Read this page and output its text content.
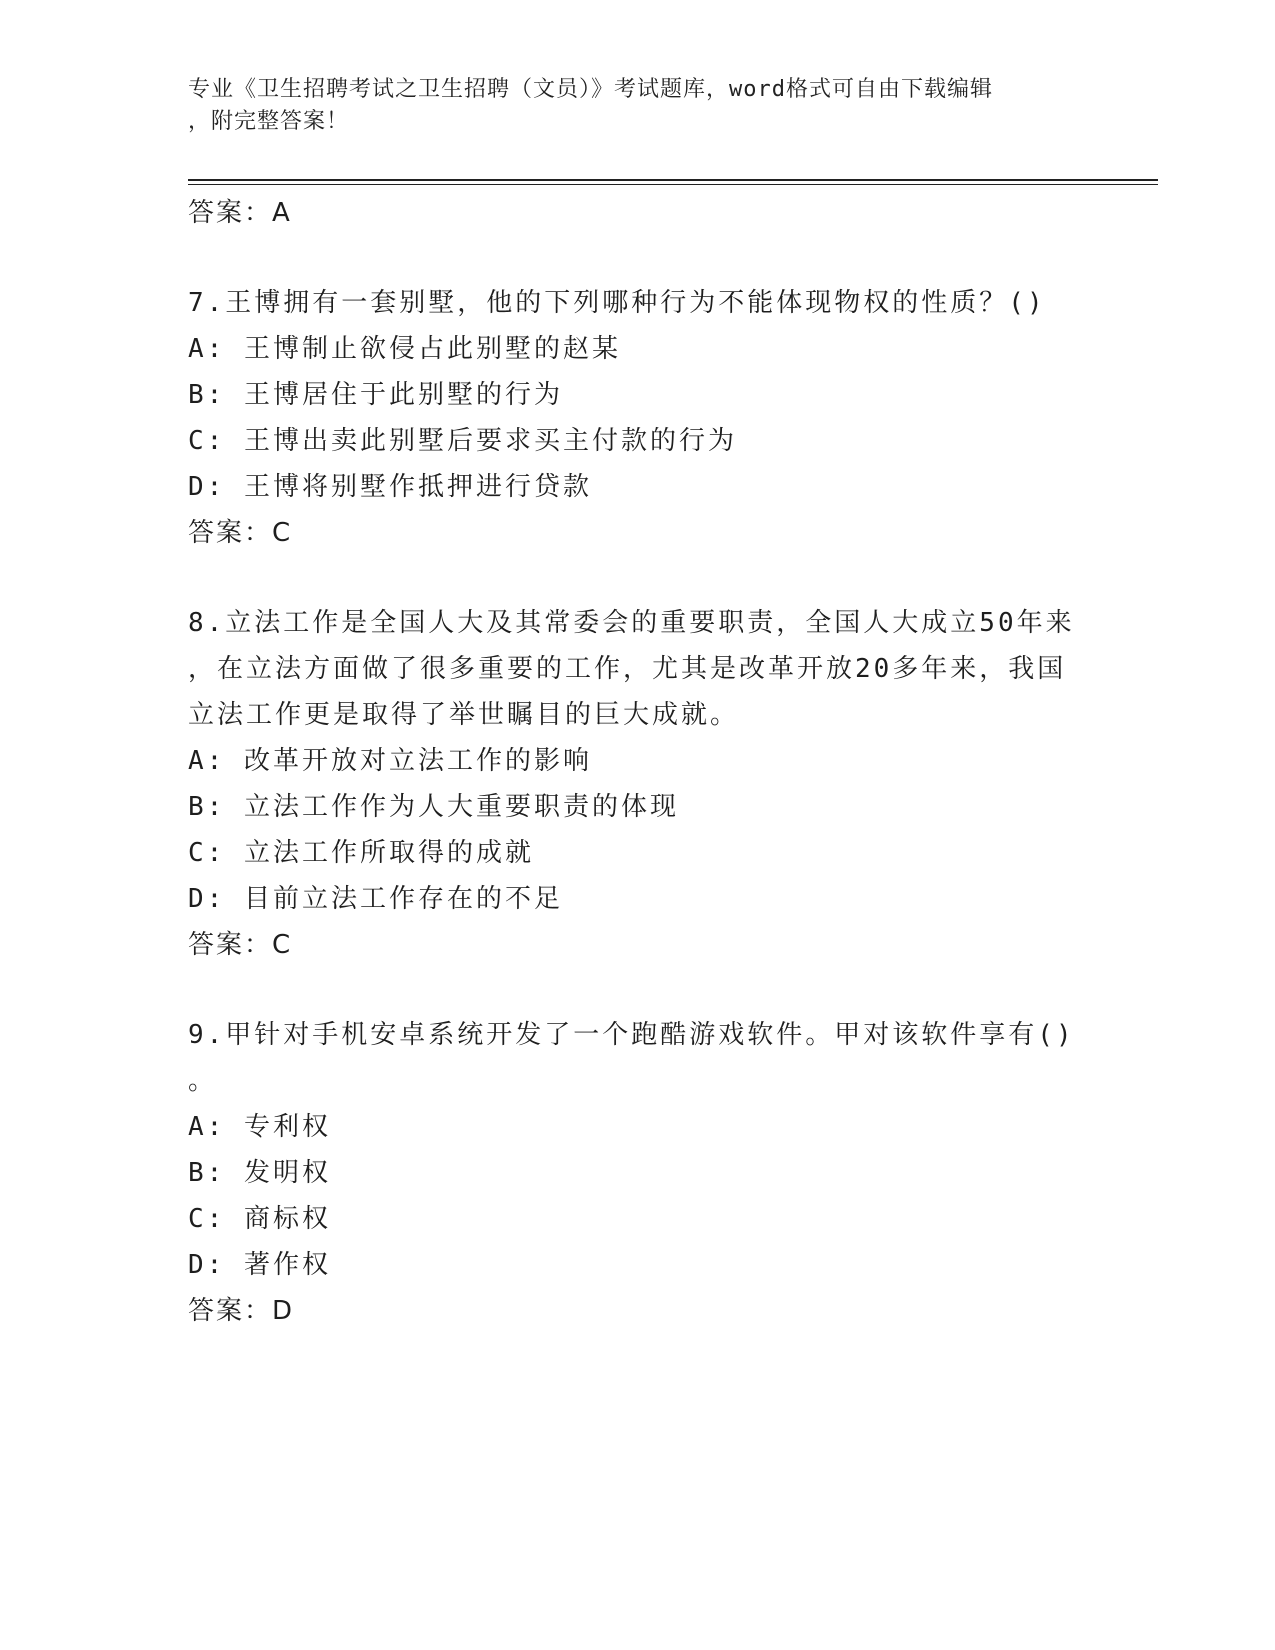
专业《卫生招聘考试之卫生招聘（文员）》考试题库，word格式可自由下载编辑
，附完整答案！
答案：A
7.王博拥有一套别墅，他的下列哪种行为不能体现物权的性质？()
A: 王博制止欲侵占此别墅的赵某
B: 王博居住于此别墅的行为
C: 王博出卖此别墅后要求买主付款的行为
D: 王博将别墅作抵押进行贷款
答案：C
8.立法工作是全国人大及其常委会的重要职责，全国人大成立50年来
，在立法方面做了很多重要的工作，尤其是改革开放20多年来，我国
立法工作更是取得了举世瞩目的巨大成就。
A: 改革开放对立法工作的影响
B: 立法工作作为人大重要职责的体现
C: 立法工作所取得的成就
D: 目前立法工作存在的不足
答案：C
9.甲针对手机安卓系统开发了一个跑酷游戏软件。甲对该软件享有()
。
A: 专利权
B: 发明权
C: 商标权
D: 著作权
答案：D
